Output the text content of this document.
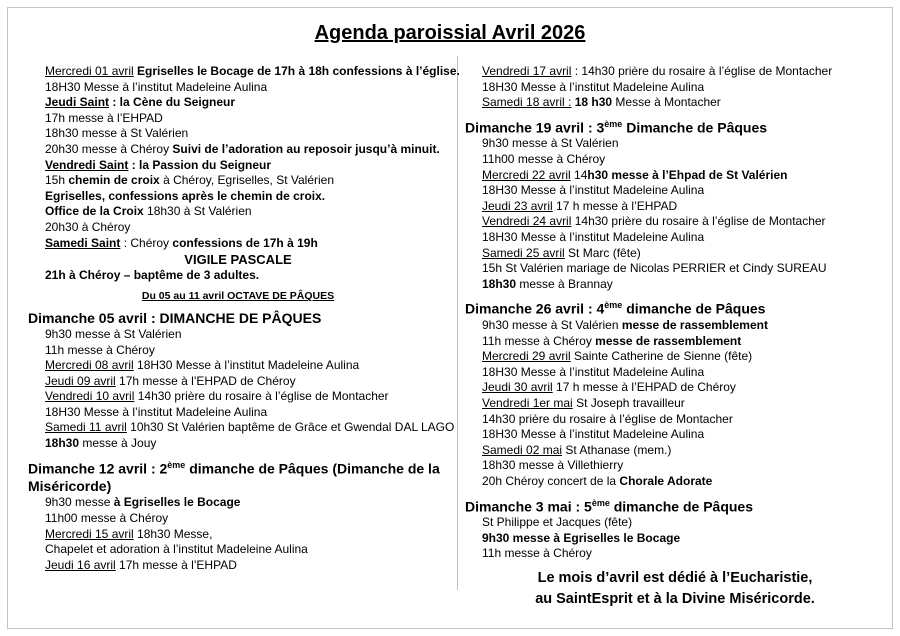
Agenda paroissial Avril 2026
Mercredi 01 avril Egriselles le Bocage de 17h à 18h confessions à l’église.
18H30 Messe à l’institut Madeleine Aulina
Jeudi Saint : la Cène du Seigneur
17h messe à l’EHPAD
18h30 messe à St Valérien
20h30 messe à Chéroy Suivi de l’adoration au reposoir jusqu’à minuit.
Vendredi Saint : la Passion du Seigneur
15h chemin de croix à Chéroy, Egriselles, St Valérien
Egriselles, confessions après le chemin de croix.
Office de la Croix 18h30 à St Valérien
20h30 à Chéroy
Samedi Saint : Chéroy confessions de 17h à 19h
VIGILE PASCALE
21h à Chéroy – baptême de 3 adultes.
Du 05 au 11 avril OCTAVE DE PÂQUES
Dimanche 05 avril : DIMANCHE DE PÂQUES
9h30 messe à St Valérien
11h messe à Chéroy
Mercredi 08 avril 18H30 Messe à l’institut Madeleine Aulina
Jeudi 09 avril 17h messe à l’EHPAD de Chéroy
Vendredi 10 avril 14h30 prière du rosaire à l’église de Montacher
18H30 Messe à l’institut Madeleine Aulina
Samedi 11 avril 10h30 St Valérien baptême de Grâce et Gwendal DAL LAGO
18h30 messe à Jouy
Dimanche 12 avril : 2ème dimanche de Pâques (Dimanche de la Miséricorde)
9h30 messe à Egriselles le Bocage
11h00 messe à Chéroy
Mercredi 15 avril 18h30 Messe,
Chapelet et adoration à l’institut Madeleine Aulina
Jeudi 16 avril 17h messe à l’EHPAD
Vendredi 17 avril : 14h30 prière du rosaire à l’église de Montacher
18H30 Messe à l’institut Madeleine Aulina
Samedi 18 avril : 18 h30 Messe à Montacher
Dimanche 19 avril : 3ème Dimanche de Pâques
9h30 messe à St Valérien
11h00 messe à Chéroy
Mercredi 22 avril 14h30 messe à l’Ehpad de St Valérien
18H30 Messe à l’institut Madeleine Aulina
Jeudi 23 avril 17 h messe à l’EHPAD
Vendredi 24 avril 14h30 prière du rosaire à l’église de Montacher
18H30 Messe à l’institut Madeleine Aulina
Samedi 25 avril St Marc (fête)
15h St Valérien mariage de Nicolas PERRIER et Cindy SUREAU
18h30 messe à Brannay
Dimanche 26 avril : 4ème dimanche de Pâques
9h30 messe à St Valérien messe de rassemblement
11h messe à Chéroy messe de rassemblement
Mercredi 29 avril Sainte Catherine de Sienne (fête)
18H30 Messe à l’institut Madeleine Aulina
Jeudi 30 avril 17 h messe à l’EHPAD de Chéroy
Vendredi 1er mai St Joseph travailleur
14h30 prière du rosaire à l’église de Montacher
18H30 Messe à l’institut Madeleine Aulina
Samedi 02 mai St Athanase (mem.)
18h30 messe à Villethierry
20h Chéroy concert de la Chorale Adorate
Dimanche 3 mai : 5ème dimanche de Pâques
St Philippe et Jacques (fête)
9h30 messe à Egriselles le Bocage
11h messe à Chéroy
Le mois d’avril est dédié à l’Eucharistie,
au SaintEsprit et à la Divine Miséricorde.
